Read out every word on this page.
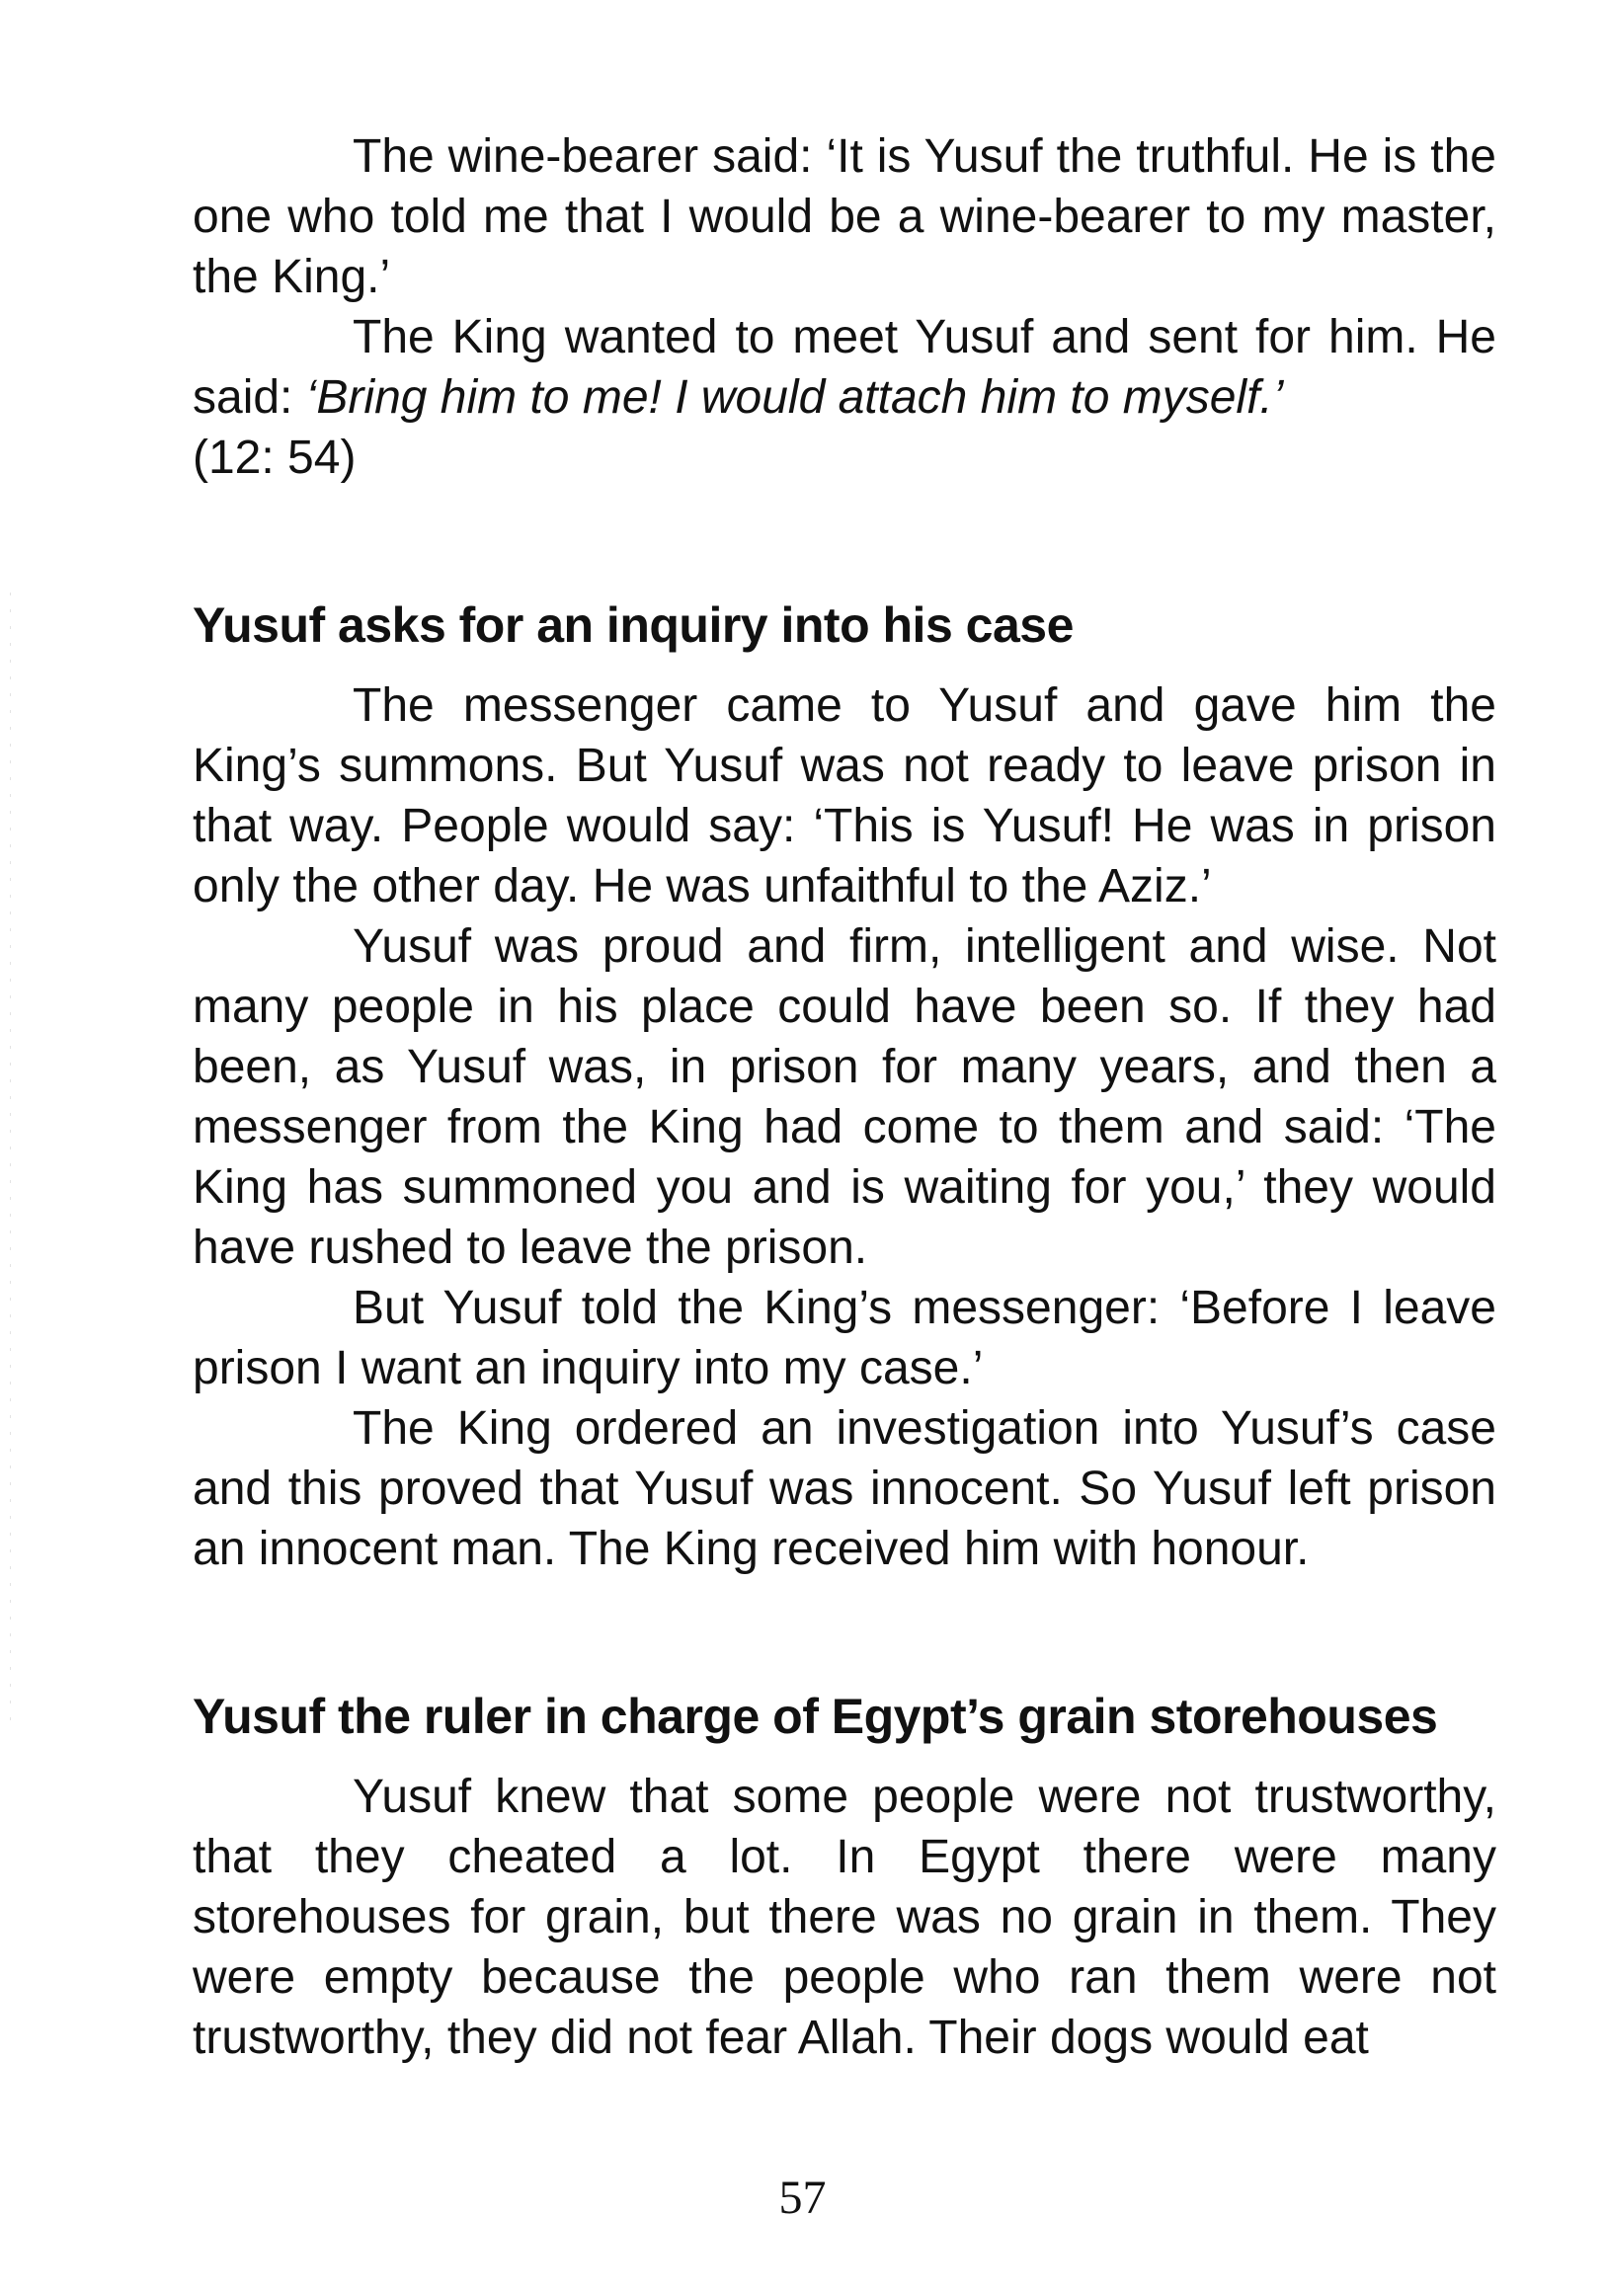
The wine-bearer said: ‘It is Yusuf the truthful. He is the one who told me that I would be a wine-bearer to my master, the King.’

The King wanted to meet Yusuf and sent for him. He said: ‘Bring him to me! I would attach him to myself.’
(12: 54)

Yusuf asks for an inquiry into his case

The messenger came to Yusuf and gave him the King’s summons. But Yusuf was not ready to leave prison in that way. People would say: ‘This is Yusuf! He was in prison only the other day. He was unfaithful to the Aziz.’

Yusuf was proud and firm, intelligent and wise. Not many people in his place could have been so. If they had been, as Yusuf was, in prison for many years, and then a messenger from the King had come to them and said: ‘The King has summoned you and is waiting for you,’ they would have rushed to leave the prison.

But Yusuf told the King’s messenger: ‘Before I leave prison I want an inquiry into my case.’

The King ordered an investigation into Yusuf’s case and this proved that Yusuf was innocent. So Yusuf left prison an innocent man. The King received him with honour.

Yusuf the ruler in charge of Egypt’s grain storehouses

Yusuf knew that some people were not trustworthy, that they cheated a lot. In Egypt there were many storehouses for grain, but there was no grain in them. They were empty because the people who ran them were not trustworthy, they did not fear Allah. Their dogs would eat

57
